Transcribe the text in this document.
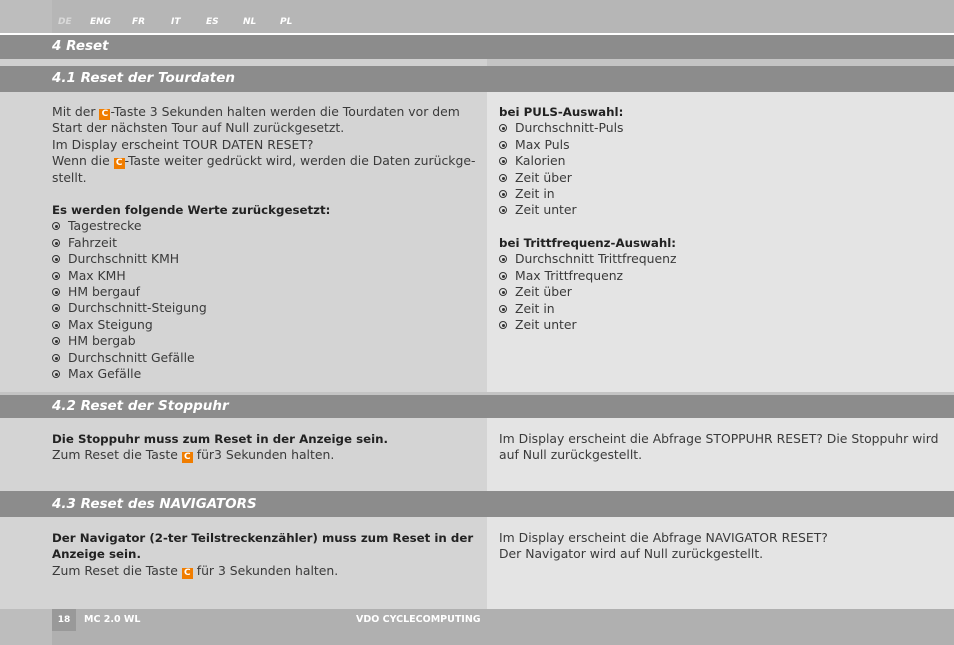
DE ENG FR	IT	ES	NL	PL
4 Reset
4.1 Reset der Tourdaten
Mit der C -Taste 3 Sekunden halten werden die Tourdaten vor dem
Start der nächsten Tour auf Null zurückgesetzt.
Im Display erscheint TOUR DATEN RESET?
Wenn die C -Taste weiter gedrückt wird, werden die Daten zurückge-
stellt.
Es werden folgende Werte zurückgesetzt:
Tagestrecke
Fahrzeit
Durchschnitt KMH
Max KMH
HM bergauf
Durchschnitt-Steigung
Max Steigung
HM bergab
Durchschnitt Gefälle
Max Gefälle
bei PULS-Auswahl:
Durchschnitt-Puls
Max Puls
Kalorien
Zeit über
Zeit in
Zeit unter
bei Trittfrequenz-Auswahl:
Durchschnitt Trittfrequenz
Max Trittfrequenz
Zeit über
Zeit in
Zeit unter
4.2 Reset der Stoppuhr
Die Stoppuhr muss zum Reset in der Anzeige sein.
Zum Reset die Taste C für3 Sekunden halten.
Im Display erscheint die Abfrage STOPPUHR RESET? Die Stoppuhr wird
auf Null zurückgestellt.
4.3 Reset des NAVIGATORS
Der Navigator (2-ter Teilstreckenzähler) muss zum Reset in der
Anzeige sein.
Zum Reset die Taste C für 3 Sekunden halten.
Im Display erscheint die Abfrage NAVIGATOR RESET?
Der Navigator wird auf Null zurückgestellt.
18	MC 2.0 WL	VDO CYCLECOMPUTING
